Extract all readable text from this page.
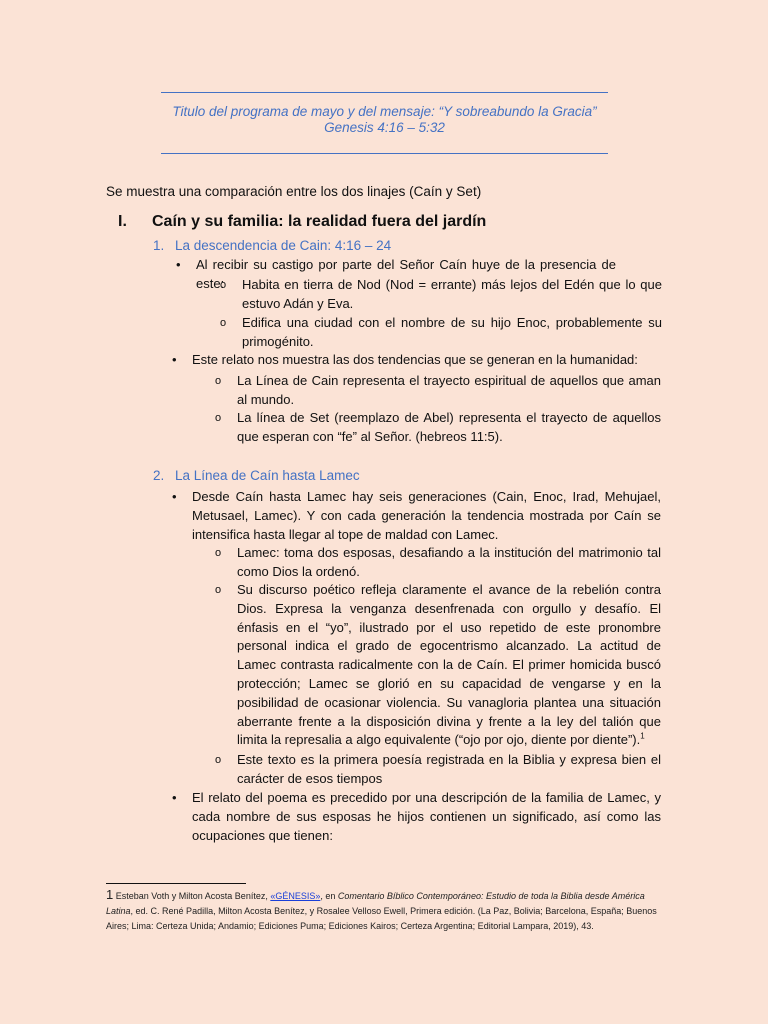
Titulo del programa de mayo y del mensaje: “Y sobreabundo la Gracia”
Genesis 4:16 – 5:32
Se muestra una comparación entre los dos linajes (Caín y Set)
I. Caín y su familia: la realidad fuera del jardín
1. La descendencia de Cain: 4:16 – 24
• Al recibir su castigo por parte del Señor Caín huye de la presencia de este:
o	Habita en tierra de Nod (Nod = errante) más lejos del Edén que lo que estuvo Adán y Eva.
o Edifica una ciudad con el nombre de su hijo Enoc, probablemente su primogénito.
• Este relato nos muestra las dos tendencias que se generan en la humanidad:
o La Línea de Cain representa el trayecto espiritual de aquellos que aman al mundo.
o La línea de Set (reemplazo de Abel) representa el trayecto de aquellos que esperan con “fe” al Señor. (hebreos 11:5).
2. La Línea de Caín hasta Lamec
• Desde Caín hasta Lamec hay seis generaciones (Cain, Enoc, Irad, Mehujael, Metusael, Lamec). Y con cada generación la tendencia mostrada por Caín se intensifica hasta llegar al tope de maldad con Lamec.
o Lamec: toma dos esposas, desafiando a la institución del matrimonio tal como Dios la ordenó.
o Su discurso poético refleja claramente el avance de la rebelión contra Dios. Expresa la venganza desenfrenada con orgullo y desafío. El énfasis en el “yo”, ilustrado por el uso repetido de este pronombre personal indica el grado de egocentrismo alcanzado. La actitud de Lamec contrasta radicalmente con la de Caín. El primer homicida buscó protección; Lamec se glorió en su capacidad de vengarse y en la posibilidad de ocasionar violencia. Su vanagloria plantea una situación aberrante frente a la disposición divina y frente a la ley del talión que limita la represalia a algo equivalente (“ojo por ojo, diente por diente”).$^1$
o Este texto es la primera poesía registrada en la Biblia y expresa bien el carácter de esos tiempos
• El relato del poema es precedido por una descripción de la familia de Lamec, y cada nombre de sus esposas he hijos contienen un significado, así como las ocupaciones que tienen:
1 Esteban Voth y Milton Acosta Benítez, «GÉNESIS», en Comentario Bíblico Contemporáneo: Estudio de toda la Biblia desde América Latina, ed. C. René Padilla, Milton Acosta Benítez, y Rosalee Velloso Ewell, Primera edición. (La Paz, Bolivia; Barcelona, España; Buenos Aires; Lima: Certeza Unida; Andamio; Ediciones Puma; Ediciones Kairos; Certeza Argentina; Editorial Lampara, 2019), 43.
